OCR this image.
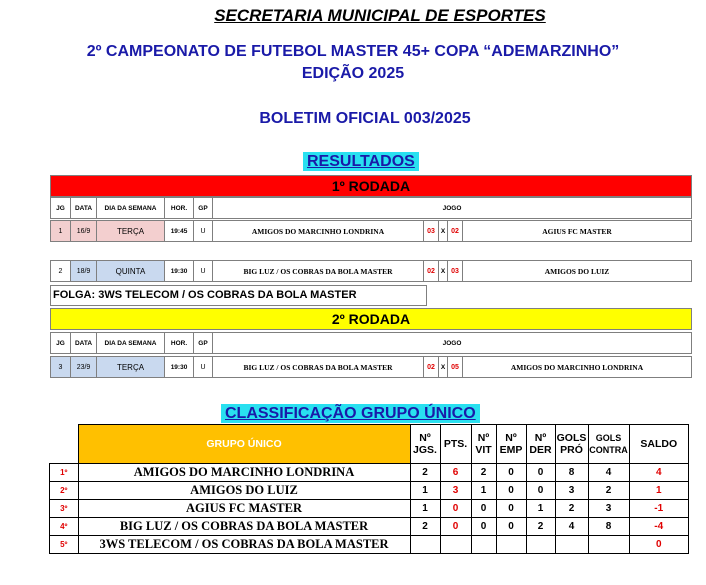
SECRETARIA MUNICIPAL DE ESPORTES
2º CAMPEONATO DE FUTEBOL MASTER 45+ COPA “ADEMARZINHO”
EDIÇÃO 2025
BOLETIM OFICIAL 003/2025
RESULTADOS
1º RODADA
JG	DATA	DIA DA SEMANA	HOR.	GP	JOGO
1	16/9	TERÇA	19:45	U	AMIGOS DO MARCINHO LONDRINA	03	X	02	AGIUS FC MASTER
2	18/9	QUINTA	19:30	U	BIG LUZ / OS COBRAS DA BOLA MASTER	02	X	03	AMIGOS DO LUIZ
FOLGA: 3WS TELECOM / OS COBRAS DA BOLA MASTER
2º RODADA
JG	DATA	DIA DA SEMANA	HOR.	GP	JOGO
3	23/9	TERÇA	19:30	U	BIG LUZ / OS COBRAS DA BOLA MASTER	02	X	05	AMIGOS DO MARCINHO LONDRINA
CLASSIFICAÇÃO GRUPO ÚNICO
	GRUPO ÚNICO	Nº JGS.	PTS.	Nº VIT	Nº EMP	Nº DER	GOLS PRÓ	GOLS CONTRA	SALDO
1º	AMIGOS DO MARCINHO LONDRINA	2	6	2	0	0	8	4	4
2º	AMIGOS DO LUIZ	1	3	1	0	0	3	2	1
3º	AGIUS FC MASTER	1	0	0	0	1	2	3	-1
4º	BIG LUZ / OS COBRAS DA BOLA MASTER	2	0	0	0	2	4	8	-4
5º	3WS TELECOM / OS COBRAS DA BOLA MASTER								0
